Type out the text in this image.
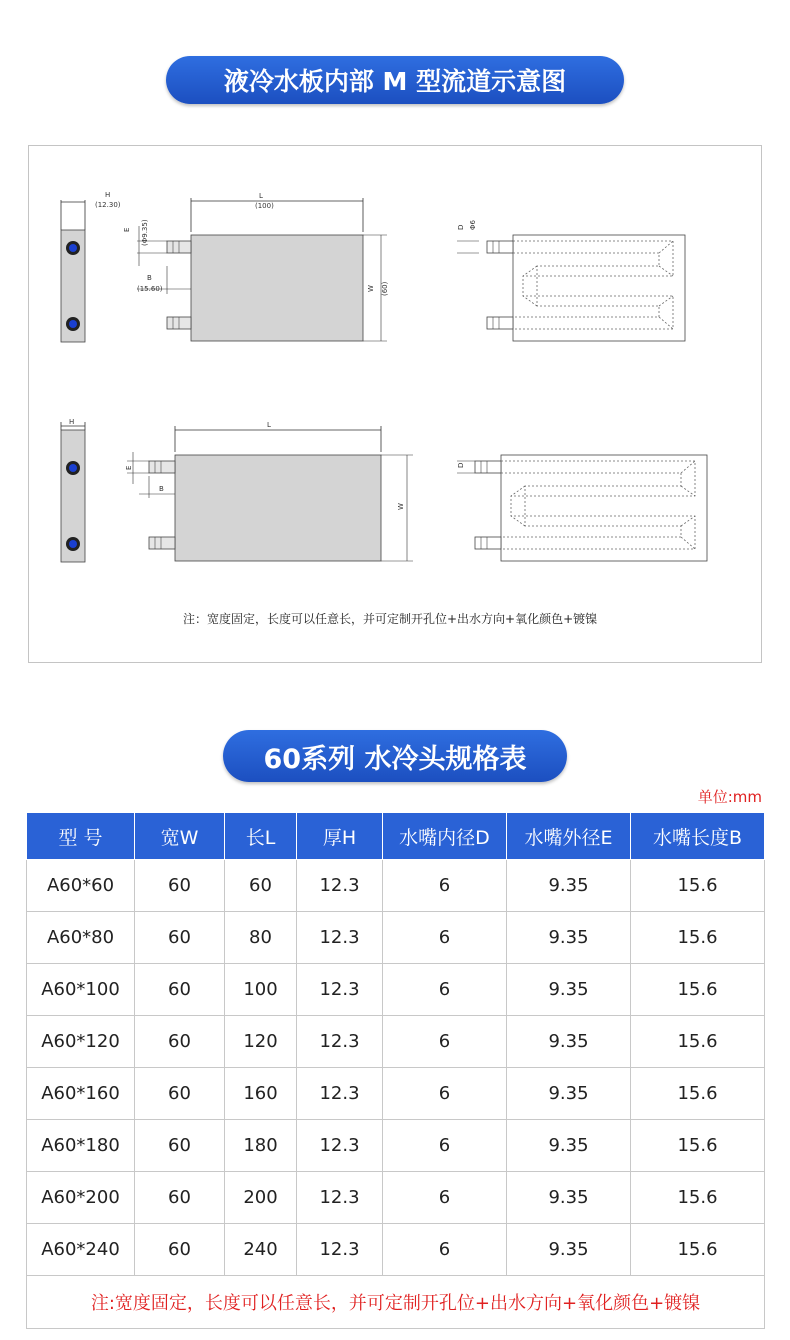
液冷水板内部 M 型流道示意图
H
(12.30)
L
(100)
E (Φ9.35)
B
(15.60)	W (60)
D Φ6
H	L
E
B
W
D
注：宽度固定，长度可以任意长，并可定制开孔位+出水方向+氧化颜色+镀镍
60系列 水冷头规格表
单位:mm
型 号	宽W	长L	厚H	水嘴内径D	水嘴外径E	水嘴长度B
A60*60	60	60	12.3	6	9.35	15.6
A60*80	60	80	12.3	6	9.35	15.6
A60*100	60	100	12.3	6	9.35	15.6
A60*120	60	120	12.3	6	9.35	15.6
A60*160	60	160	12.3	6	9.35	15.6
A60*180	60	180	12.3	6	9.35	15.6
A60*200	60	200	12.3	6	9.35	15.6
A60*240	60	240	12.3	6	9.35	15.6
注:宽度固定，长度可以任意长，并可定制开孔位+出水方向+氧化颜色+镀镍						
